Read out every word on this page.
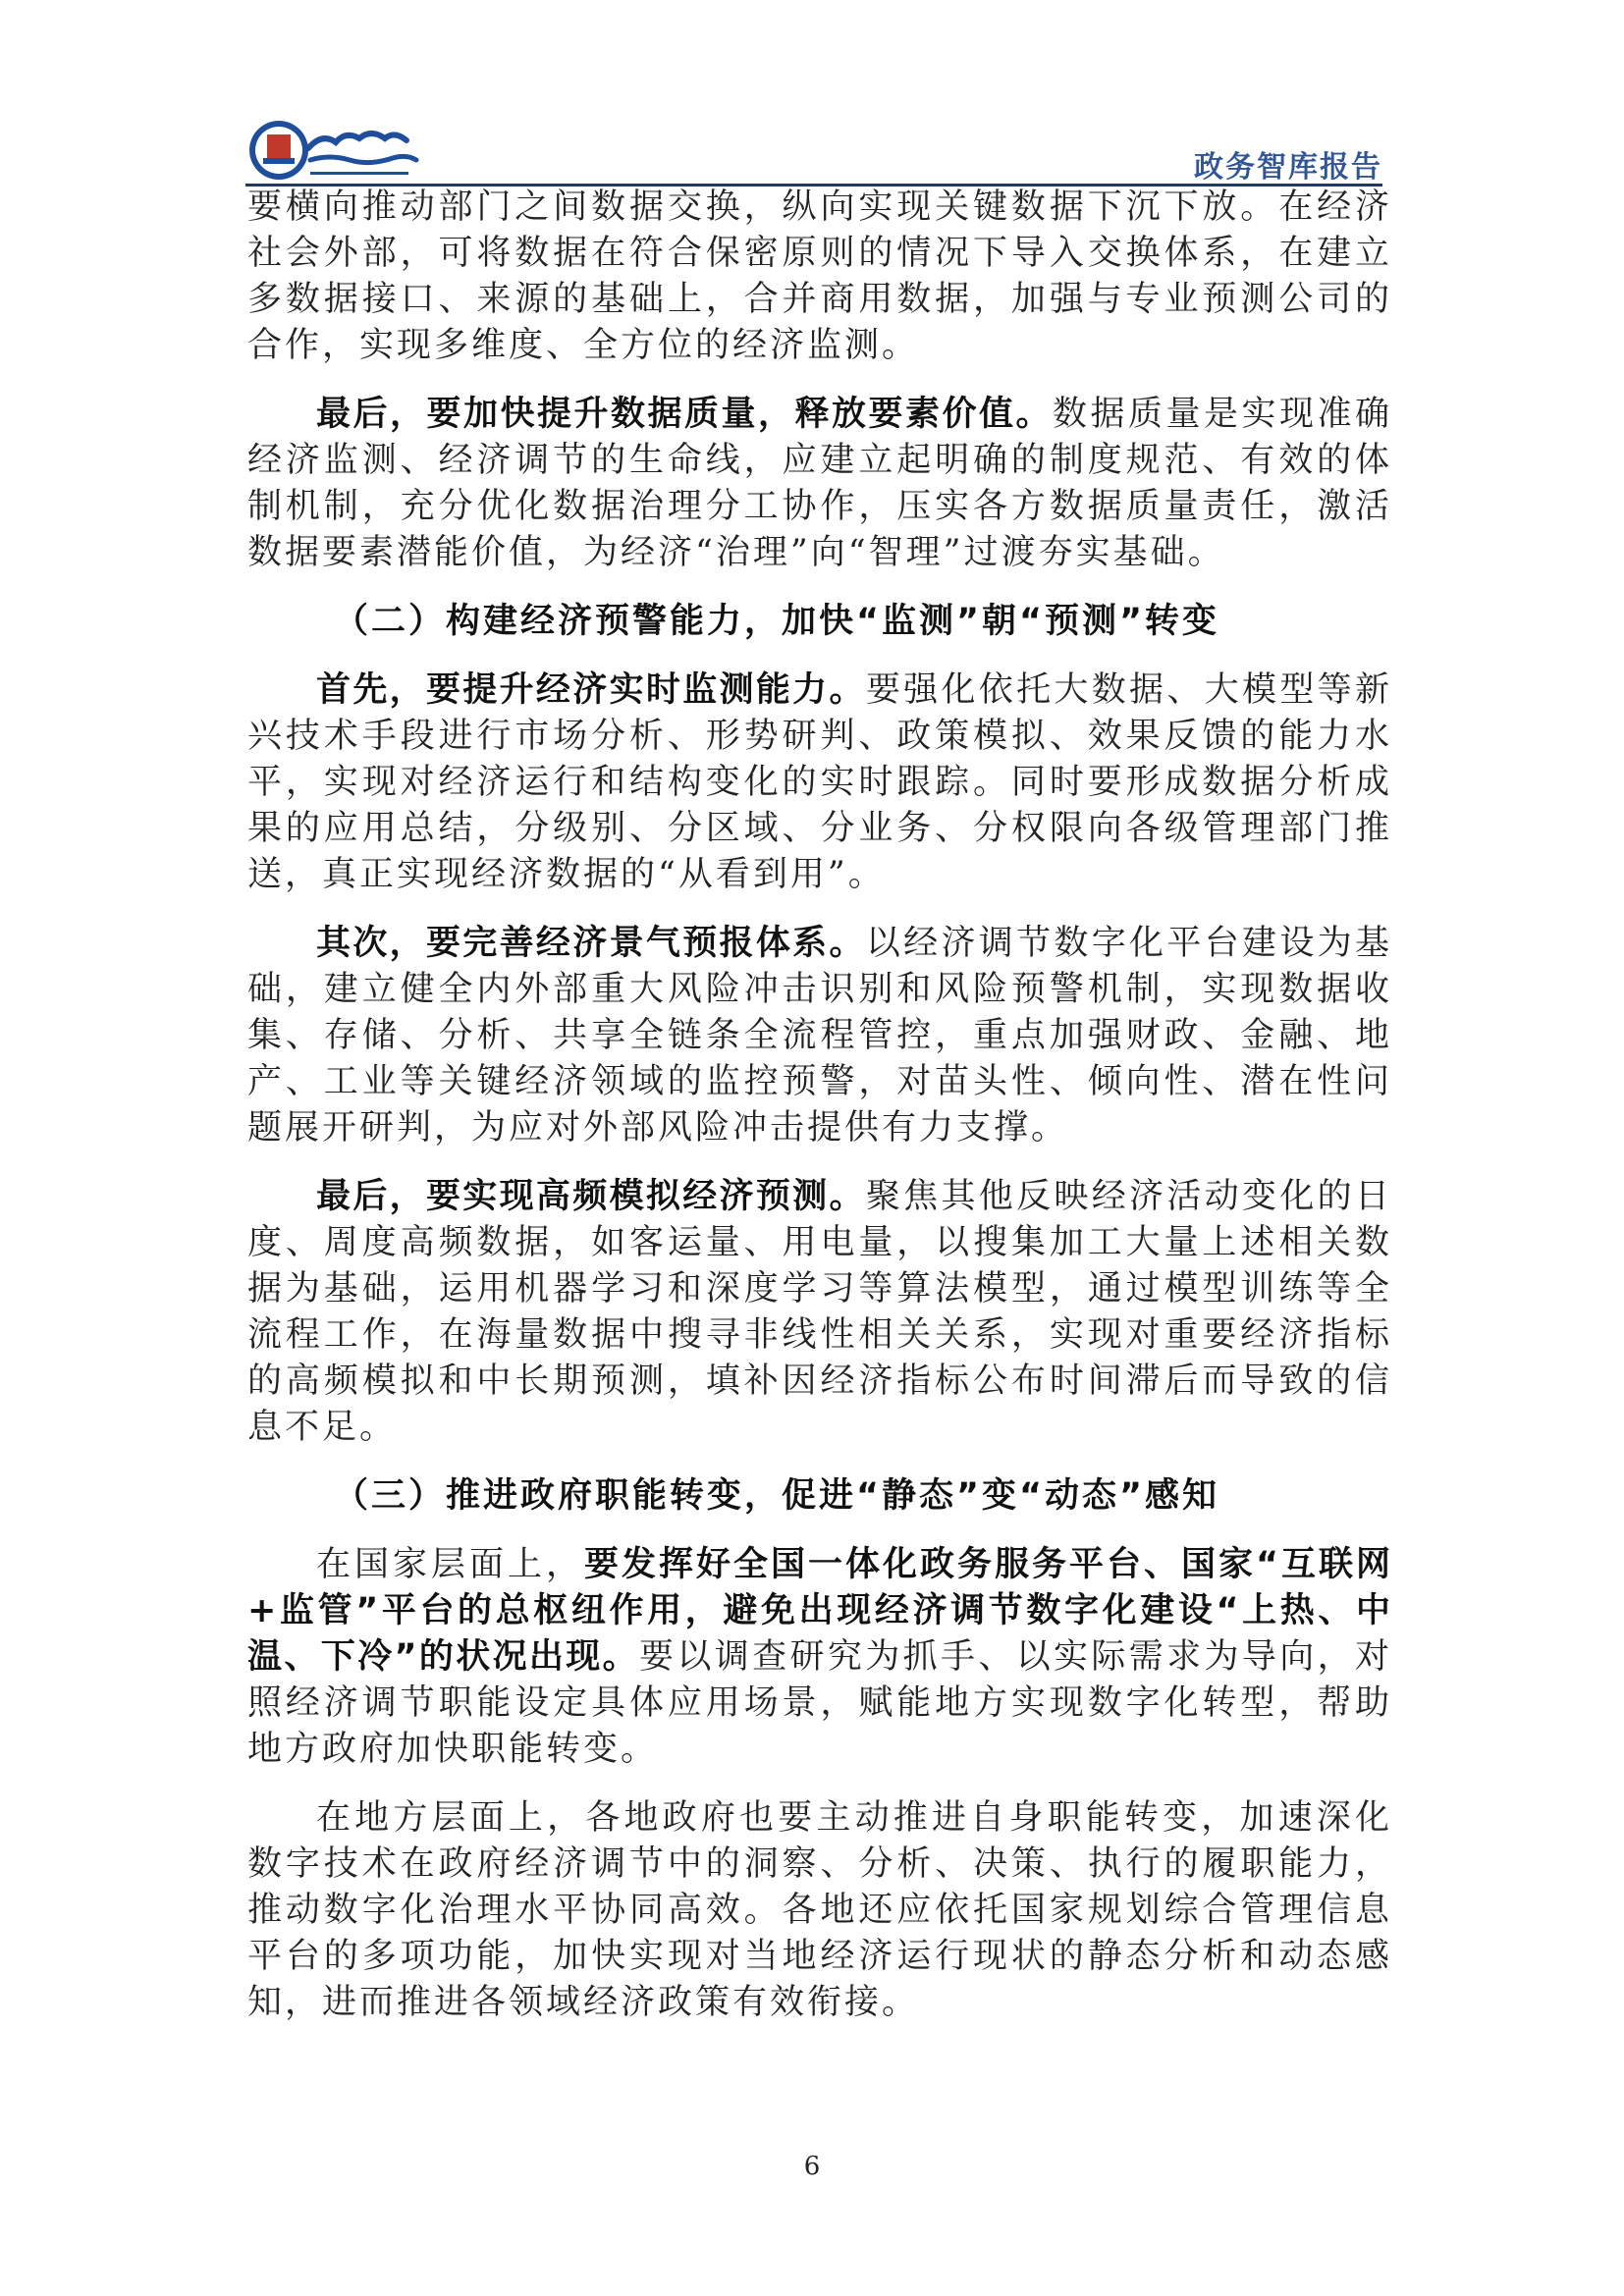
政务智库报告

要横向推动部门之间数据交换，纵向实现关键数据下沉下放。在经济社会外部，可将数据在符合保密原则的情况下导入交换体系，在建立多数据接口、来源的基础上，合并商用数据，加强与专业预测公司的合作，实现多维度、全方位的经济监测。

最后，要加快提升数据质量，释放要素价值。数据质量是实现准确经济监测、经济调节的生命线，应建立起明确的制度规范、有效的体制机制，充分优化数据治理分工协作，压实各方数据质量责任，激活数据要素潜能价值，为经济“治理”向“智理”过渡夯实基础。

（二）构建经济预警能力，加快“监测”朝“预测”转变

首先，要提升经济实时监测能力。要强化依托大数据、大模型等新兴技术手段进行市场分析、形势研判、政策模拟、效果反馈的能力水平，实现对经济运行和结构变化的实时跟踪。同时要形成数据分析成果的应用总结，分级别、分区域、分业务、分权限向各级管理部门推送，真正实现经济数据的“从看到用”。

其次，要完善经济景气预报体系。以经济调节数字化平台建设为基础，建立健全内外部重大风险冲击识别和风险预警机制，实现数据收集、存储、分析、共享全链条全流程管控，重点加强财政、金融、地产、工业等关键经济领域的监控预警，对苗头性、倾向性、潜在性问题展开研判，为应对外部风险冲击提供有力支撑。

最后，要实现高频模拟经济预测。聚焦其他反映经济活动变化的日度、周度高频数据，如客运量、用电量，以搜集加工大量上述相关数据为基础，运用机器学习和深度学习等算法模型，通过模型训练等全流程工作，在海量数据中搜寻非线性相关关系，实现对重要经济指标的高频模拟和中长期预测，填补因经济指标公布时间滞后而导致的信息不足。

（三）推进政府职能转变，促进“静态”变“动态”感知

在国家层面上，要发挥好全国一体化政务服务平台、国家“互联网+监管”平台的总枢纽作用，避免出现经济调节数字化建设“上热、中温、下冷”的状况出现。要以调查研究为抓手、以实际需求为导向，对照经济调节职能设定具体应用场景，赋能地方实现数字化转型，帮助地方政府加快职能转变。

在地方层面上，各地政府也要主动推进自身职能转变，加速深化数字技术在政府经济调节中的洞察、分析、决策、执行的履职能力，推动数字化治理水平协同高效。各地还应依托国家规划综合管理信息平台的多项功能，加快实现对当地经济运行现状的静态分析和动态感知，进而推进各领域经济政策有效衔接。

6
